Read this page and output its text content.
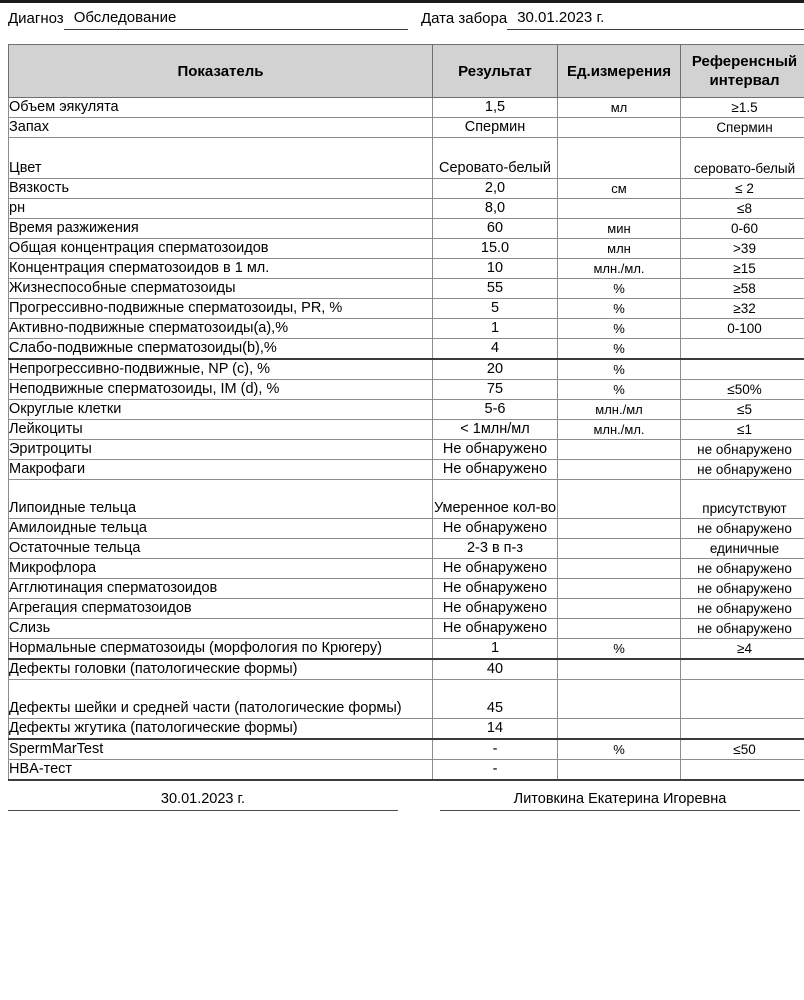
Диагноз Обследование	Дата забора 30.01.2023 г.
Показатель	Результат	Ед.измерения	Референсный интервал
Объем эякулята	1,5	мл	≥1.5
Запах	Спермин		Спермин
Цвет	Серовато-белый		серовато-белый
Вязкость	2,0	см	≤ 2
рн	8,0		≤8
Время разжижения	60	мин	0-60
Общая концентрация сперматозоидов	15.0	млн	>39
Концентрация сперматозоидов в 1 мл.	10	млн./мл.	≥15
Жизнеспособные сперматозоиды	55	%	≥58
Прогрессивно-подвижные сперматозоиды, PR, %	5	%	≥32
Активно-подвижные сперматозоиды(a),%	1	%	0-100
Слабо-подвижные сперматозоиды(b),%	4	%	
Непрогрессивно-подвижные, NP (c), %	20	%	
Неподвижные сперматозоиды, IM (d), %	75	%	≤50%
Округлые клетки	5-6	млн./мл	≤5
Лейкоциты	< 1млн/мл	млн./мл.	≤1
Эритроциты	Не обнаружено		не обнаружено
Макрофаги	Не обнаружено		не обнаружено
Липоидные тельца	Умеренное кол-во		присутствуют
Амилоидные тельца	Не обнаружено		не обнаружено
Остаточные тельца	2-3 в п-з		единичные
Микрофлора	Не обнаружено		не обнаружено
Агглютинация сперматозоидов	Не обнаружено		не обнаружено
Агрегация сперматозоидов	Не обнаружено		не обнаружено
Слизь	Не обнаружено		не обнаружено
Нормальные сперматозоиды (морфология по Крюгеру)	1	%	≥4
Дефекты головки (патологические формы)	40		
Дефекты шейки и средней части (патологические формы)	45		
Дефекты жгутика (патологические формы)	14		
SpermMarTest	-	%	≤50
HBA-тест	-		
30.01.2023 г.	Литовкина Екатерина Игоревна
